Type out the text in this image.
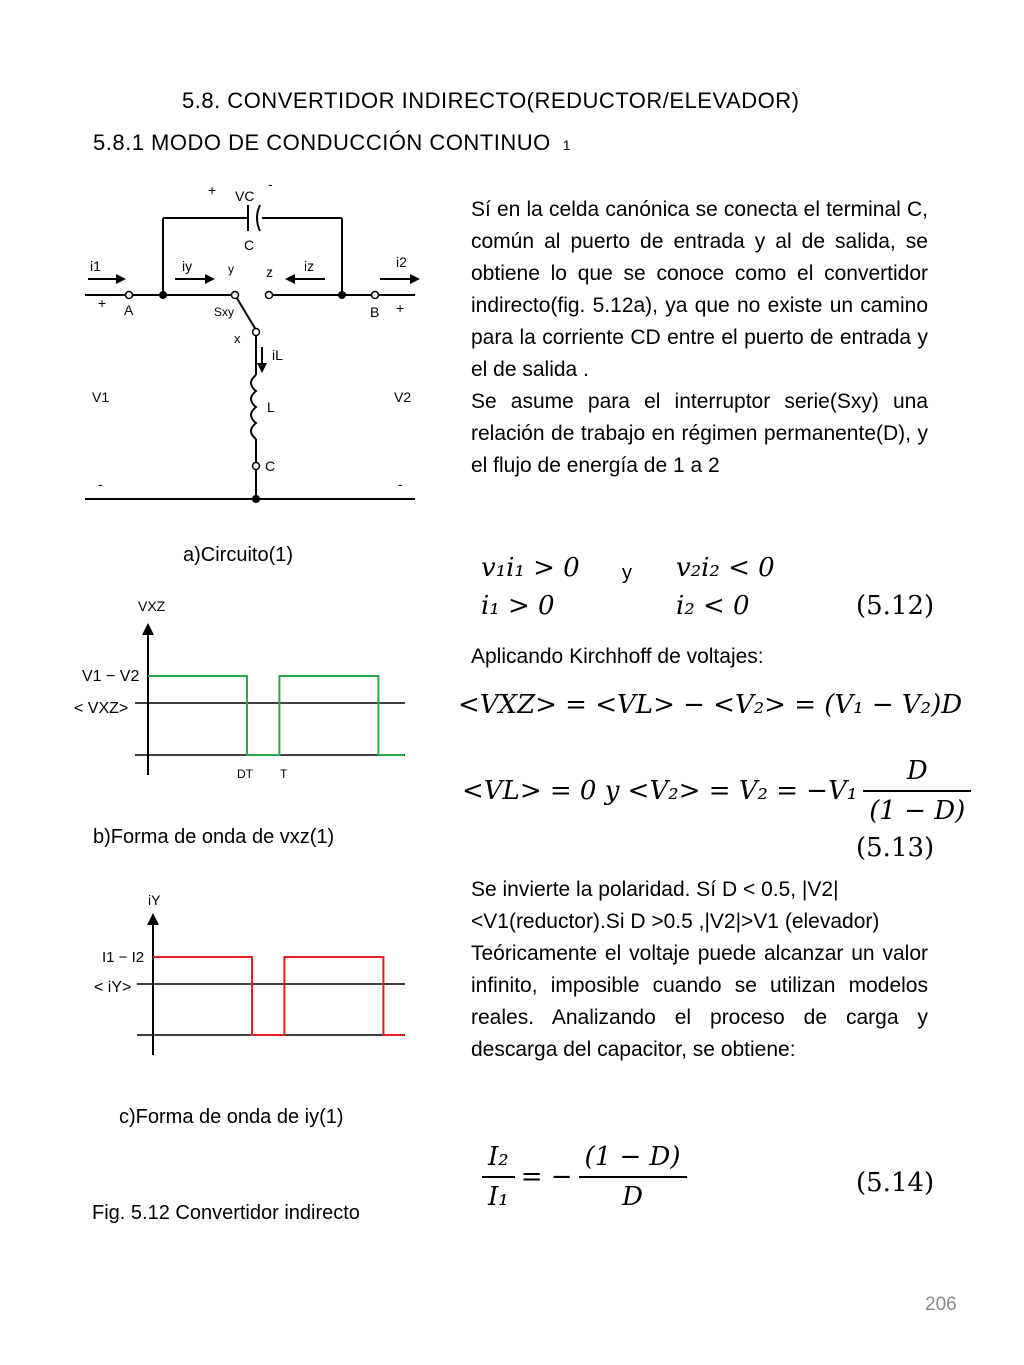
5.8. CONVERTIDOR INDIRECTO(REDUCTOR/ELEVADOR)
5.8.1 MODO DE CONDUCCIÓN CONTINUO 1
+ VC
-
C
i1	iy	y z iz	i2
+ A	Sxy	B +
x
iL
V1
L
V2
C
-	-
a)Circuito(1)
VXZ
V1 − V2
< VXZ>
DT T
b)Forma de onda de vxz(1)
iY
I1 − I2
< iY>
c)Forma de onda de iy(1)
Fig. 5.12 Convertidor indirecto

Sí en la celda canónica se conecta el terminal C, común al puerto de entrada y al de salida, se obtiene lo que se conoce como el convertidor indirecto(fig. 5.12a), ya que no existe un camino para la corriente CD entre el puerto de entrada y el de salida .

Se asume para el interruptor serie(Sxy) una relación de trabajo en régimen permanente(D), y el flujo de energía de 1 a 2

v₁i₁ > 0 y v₂i₂ < 0
i₁ > 0	i₂ < 0	(5.12)
Aplicando Kirchhoff de voltajes:
<VXZ> = <VL> − <V₂> = (V₁ − V₂)D
<VL> = 0 $y <V_2> = V_2 = -V_1 \frac{D}{(1 - D)}$
(5.13)

Se invierte la polaridad. Sí D < 0.5, |V2|<V1(reductor).Si D >0.5 ,|V2|>V1 (elevador)

Teóricamente el voltaje puede alcanzar un valor infinito, imposible cuando se utilizan modelos reales. Analizando el proceso de carga y descarga del capacitor, se obtiene:

$\frac{\text{I₂}}{\text{I₁}}$ = − $\frac{(1 - D)}{D}$	(5.14)
206
